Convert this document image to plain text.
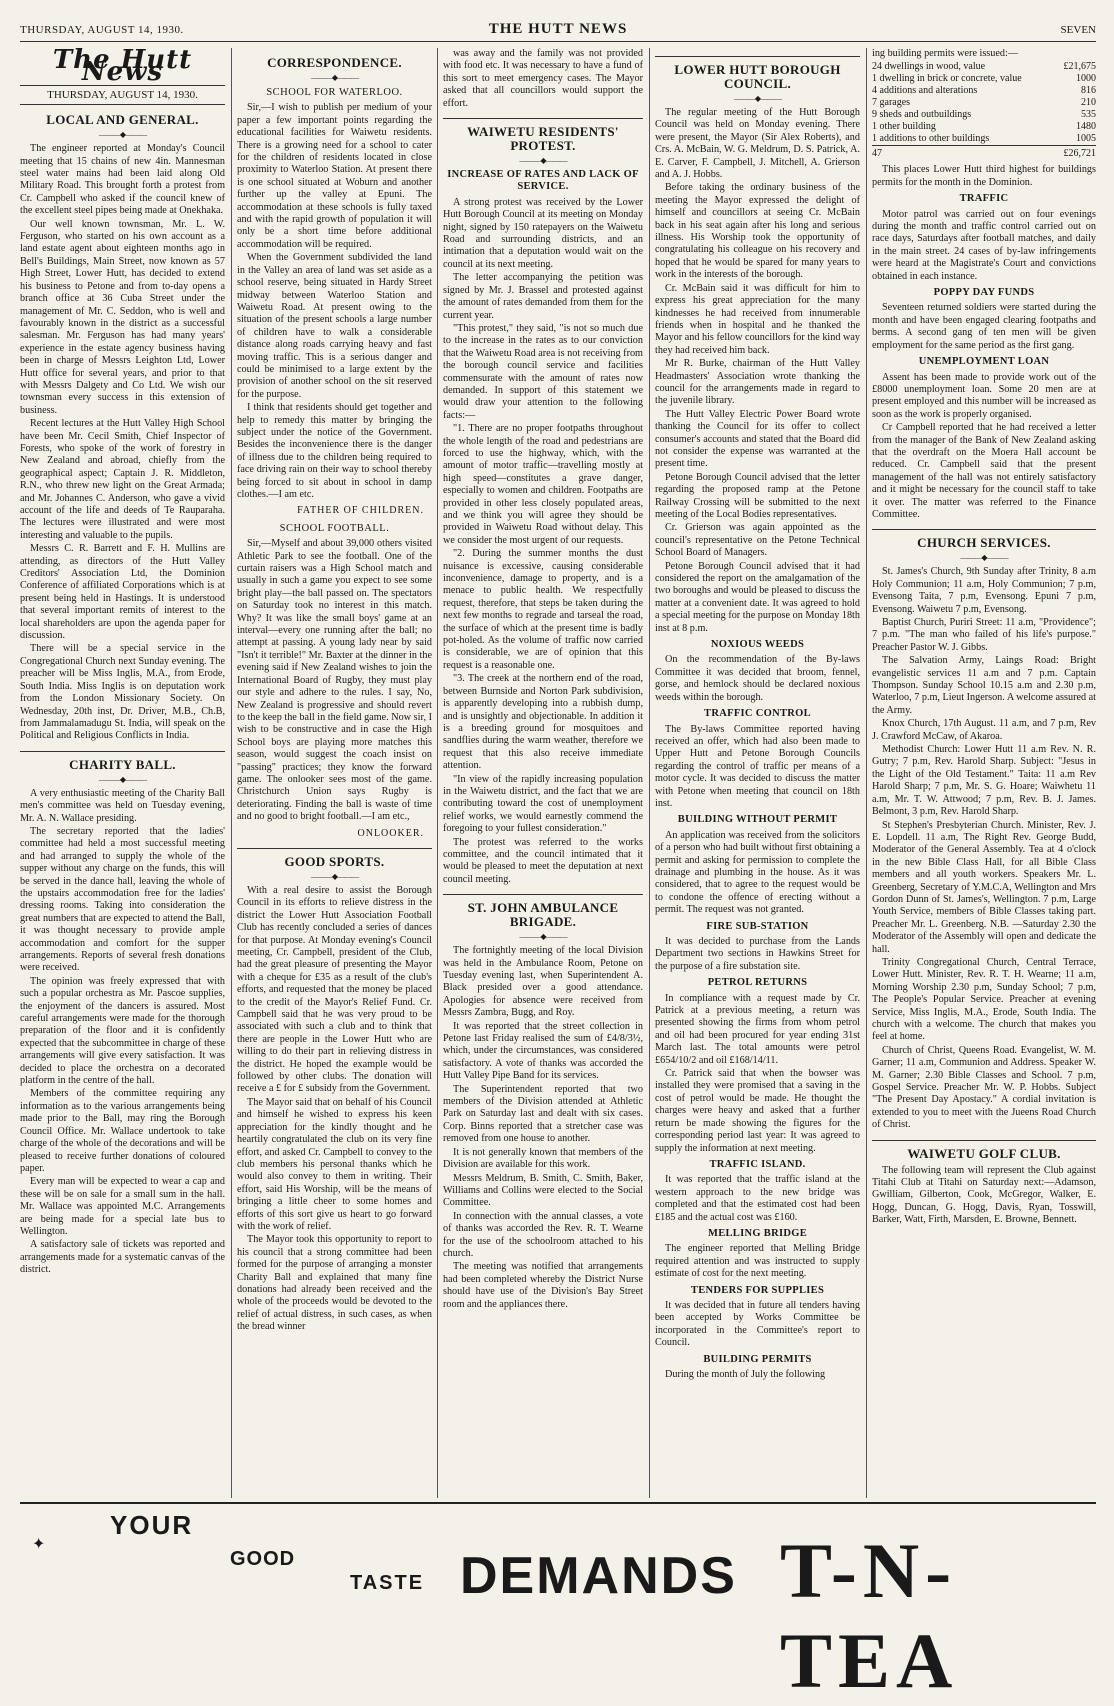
THURSDAY, AUGUST 14, 1930.	THE HUTT NEWS	SEVEN
The Hutt News
THURSDAY, AUGUST 14, 1930.
LOCAL AND GENERAL.
———◆———

The engineer reported at Monday's Council meeting that 15 chains of new 4in. Mannesman steel water mains had been laid along Old Military Road. This brought forth a protest from Cr. Campbell who asked if the council knew of the excellent steel pipes being made at Onekhaka.

Our well known townsman, Mr. L. W. Ferguson, who started on his own account as a land estate agent about eighteen months ago in Bell's Buildings, Main Street, now known as 57 High Street, Lower Hutt, has decided to extend his business to Petone and from to-day opens a branch office at 36 Cuba Street under the management of Mr. C. Seddon, who is well and favourably known in the district as a successful salesman. Mr. Ferguson has had many years' experience in the estate agency business having been in charge of Messrs Leighton Ltd, Lower Hutt office for several years, and prior to that with Messrs Dalgety and Co Ltd. We wish our townsman every success in this extension of business.

Recent lectures at the Hutt Valley High School have been Mr. Cecil Smith, Chief Inspector of Forests, who spoke of the work of forestry in New Zealand and abroad, chiefly from the geographical aspect; Captain J. R. Middleton, R.N., who threw new light on the Great Armada; and Mr. Johannes C. Anderson, who gave a vivid account of the life and deeds of Te Rauparaha. The lectures were illustrated and were most interesting and valuable to the pupils.

Messrs C. R. Barrett and F. H. Mullins are attending, as directors of the Hutt Valley Creditors' Association Ltd, the Dominion Conference of affiliated Corporations which is at present being held in Hastings. It is understood that several important remits of interest to the local shareholders are upon the agenda paper for discussion.

There will be a special service in the Congregational Church next Sunday evening. The preacher will be Miss Inglis, M.A., from Erode, South India. Miss Inglis is on deputation work from the London Missionary Society. On Wednesday, 20th inst, Dr. Driver, M.B., Ch.B, from Jammalamadugu St. India, will speak on the Political and Religious Conflicts in India.

CHARITY BALL.
———◆———

A very enthusiastic meeting of the Charity Ball men's committee was held on Tuesday evening, Mr. A. N. Wallace presiding.

The secretary reported that the ladies' committee had held a most successful meeting and had arranged to supply the whole of the supper without any charge on the funds, this will be served in the dance hall, leaving the whole of the upstairs accommodation free for the ladies' dressing rooms. Taking into consideration the great numbers that are expected to attend the Ball, it was thought necessary to provide ample accommodation and comfort for the supper arrangements. Reports of several fresh donations were received.

The opinion was freely expressed that with such a popular orchestra as Mr. Pascoe supplies, the enjoyment of the dancers is assured. Most careful arrangements were made for the thorough preparation of the floor and it is confidently expected that the subcommittee in charge of these arrangements will give every satisfaction. It was decided to place the orchestra on a decorated platform in the centre of the hall.

Members of the committee requiring any information as to the various arrangements being made prior to the Ball, may ring the Borough Council Office. Mr. Wallace undertook to take charge of the whole of the decorations and will be pleased to receive further donations of coloured paper.

Every man will be expected to wear a cap and these will be on sale for a small sum in the hall. Mr. Wallace was appointed M.C. Arrangements are being made for a special late bus to Wellington.

A satisfactory sale of tickets was reported and arrangements made for a systematic canvas of the district.

CORRESPONDENCE.
———◆———
SCHOOL FOR WATERLOO.

Sir,—I wish to publish per medium of your paper a few important points regarding the educational facilities for Waiwetu residents. There is a growing need for a school to cater for the children of residents located in close proximity to Waterloo Station. At present there is one school situated at Woburn and another further up the valley at Epuni. The accommodation at these schools is fully taxed and with the rapid growth of population it will only be a short time before additional accommodation will be required.

When the Government subdivided the land in the Valley an area of land was set aside as a school reserve, being situated in Hardy Street midway between Waterloo Station and Waiwetu Road. At present owing to the situation of the present schools a large number of children have to walk a considerable distance along roads carrying heavy and fast moving traffic. This is a serious danger and could be minimised to a large extent by the provision of another school on the sit reserved for the purpose.

I think that residents should get together and help to remedy this matter by bringing the subject under the notice of the Government. Besides the inconvenience there is the danger of illness due to the children being required to face driving rain on their way to school thereby being forced to sit about in school in damp clothes.—I am etc.

FATHER OF CHILDREN.
SCHOOL FOOTBALL.

Sir,—Myself and about 39,000 others visited Athletic Park to see the football. One of the curtain raisers was a High School match and usually in such a game you expect to see some bright play—the ball passed on. The spectators on Saturday took no interest in this match. Why? It was like the small boys' game at an interval—every one running after the ball; no attempt at passing. A young lady near by said "Isn't it terrible!" Mr. Baxter at the dinner in the evening said if New Zealand wishes to join the International Board of Rugby, they must play our style and adhere to the rules. I say, No, New Zealand is progressive and should revert to the keep the ball in the field game. Now sir, I wish to be constructive and in case the High School boys are playing more matches this season, would suggest the coach insist on "passing" practices; they know the forward game. The onlooker sees most of the game. Christchurch Union says Rugby is deteriorating. Finding the ball is waste of time and no good to bright football.—I am etc.,

ONLOOKER.
GOOD SPORTS.
———◆———

With a real desire to assist the Borough Council in its efforts to relieve distress in the district the Lower Hutt Association Football Club has recently concluded a series of dances for that purpose. At Monday evening's Council meeting, Cr. Campbell, president of the Club, had the great pleasure of presenting the Mayor with a cheque for £35 as a result of the club's efforts, and requested that the money be placed to the credit of the Mayor's Relief Fund. Cr. Campbell said that he was very proud to be associated with such a club and to think that there are people in the Lower Hutt who are willing to do their part in relieving distress in the district. He hoped the example would be followed by other clubs. The donation will receive a £ for £ subsidy from the Government.

The Mayor said that on behalf of his Council and himself he wished to express his keen appreciation for the kindly thought and he heartily congratulated the club on its very fine effort, and asked Cr. Campbell to convey to the club members his personal thanks which he would also convey to them in writing. Their effort, said His Worship, will be the means of bringing a little cheer to some homes and efforts of this sort give us heart to go forward with the work of relief.

The Mayor took this opportunity to report to his council that a strong committee had been formed for the purpose of arranging a monster Charity Ball and explained that many fine donations had already been received and the whole of the proceeds would be devoted to the relief of actual distress, in such cases, as when the bread winner

was away and the family was not provided with food etc. It was necessary to have a fund of this sort to meet emergency cases. The Mayor asked that all councillors would support the effort.

WAIWETU RESIDENTS' PROTEST.
———◆———
INCREASE OF RATES AND LACK OF SERVICE.

A strong protest was received by the Lower Hutt Borough Council at its meeting on Monday night, signed by 150 ratepayers on the Waiwetu Road and surrounding districts, and an intimation that a deputation would wait on the council at its next meeting.

The letter accompanying the petition was signed by Mr. J. Brassel and protested against the amount of rates demanded from them for the current year.

"This protest," they said, "is not so much due to the increase in the rates as to our conviction that the Waiwetu Road area is not receiving from the borough council service and facilities commensurate with the amount of rates now demanded. In support of this statement we would draw your attention to the following facts:—

"1. There are no proper footpaths throughout the whole length of the road and pedestrians are forced to use the highway, which, with the amount of motor traffic—travelling mostly at high speed—constitutes a grave danger, especially to women and children. Footpaths are provided in other less closely populated areas, and we think you will agree they should be provided in Waiwetu Road without delay. This we consider the most urgent of our requests.

"2. During the summer months the dust nuisance is excessive, causing considerable inconvenience, damage to property, and is a menace to public health. We respectfully request, therefore, that steps be taken during the next few months to regrade and tarseal the road, the surface of which at the present time is badly pot-holed. As the volume of traffic now carried is considerable, we are of opinion that this request is a reasonable one.

"3. The creek at the northern end of the road, between Burnside and Norton Park subdivision, is apparently developing into a rubbish dump, and is unsightly and objectionable. In addition it is a breeding ground for mosquitoes and sandflies during the warm weather, therefore we request that this also receive immediate attention.

"In view of the rapidly increasing population in the Waiwetu district, and the fact that we are contributing toward the cost of unemployment relief works, we would earnestly commend the foregoing to your fullest consideration."

The protest was referred to the works committee, and the council intimated that it would be pleased to meet the deputation at next council meeting.

ST. JOHN AMBULANCE BRIGADE.
———◆———

The fortnightly meeting of the local Division was held in the Ambulance Room, Petone on Tuesday evening last, when Superintendent A. Black presided over a good attendance. Apologies for absence were received from Messrs Zambra, Bugg, and Roy.

It was reported that the street collection in Petone last Friday realised the sum of £4/8/3½, which, under the circumstances, was considered satisfactory. A vote of thanks was accorded the Hutt Valley Pipe Band for its services.

The Superintendent reported that two members of the Division attended at Athletic Park on Saturday last and dealt with six cases. Corp. Binns reported that a stretcher case was removed from one house to another.

It is not generally known that members of the Division are available for this work.

Messrs Meldrum, B. Smith, C. Smith, Baker, Williams and Collins were elected to the Social Committee.

In connection with the annual classes, a vote of thanks was accorded the Rev. R. T. Wearne for the use of the schoolroom attached to his church.

The meeting was notified that arrangements had been completed whereby the District Nurse should have use of the Division's Bay Street room and the appliances there.

LOWER HUTT BOROUGH COUNCIL.
———◆———

The regular meeting of the Hutt Borough Council was held on Monday evening. There were present, the Mayor (Sir Alex Roberts), and Crs. A. McBain, W. G. Meldrum, D. S. Patrick, A. E. Carver, F. Campbell, J. Mitchell, A. Grierson and A. J. Hobbs.

Before taking the ordinary business of the meeting the Mayor expressed the delight of himself and councillors at seeing Cr. McBain back in his seat again after his long and serious illness. His Worship took the opportunity of congratulating his colleague on his recovery and hoped that he would be spared for many years to work in the interests of the borough.

Cr. McBain said it was difficult for him to express his great appreciation for the many kindnesses he had received from innumerable friends when in hospital and he thanked the Mayor and his fellow councillors for the kind way they had received him back.

Mr R. Burke, chairman of the Hutt Valley Headmasters' Association wrote thanking the council for the arrangements made in regard to the juvenile library.

The Hutt Valley Electric Power Board wrote thanking the Council for its offer to collect consumer's accounts and stated that the Board did not consider the expense was warranted at the present time.

Petone Borough Council advised that the letter regarding the proposed ramp at the Petone Railway Crossing will be submitted to the next meeting of the Local Bodies representatives.

Cr. Grierson was again appointed as the council's representative on the Petone Technical School Board of Managers.

Petone Borough Council advised that it had considered the report on the amalgamation of the two boroughs and would be pleased to discuss the matter at a convenient date. It was agreed to hold a special meeting for the purpose on Monday 18th inst at 8 p.m.

NOXIOUS WEEDS

On the recommendation of the By-laws Committee it was decided that broom, fennel, gorse, and hemlock should be declared noxious weeds within the borough.

TRAFFIC CONTROL

The By-laws Committee reported having received an offer, which had also been made to Upper Hutt and Petone Borough Councils regarding the control of traffic per means of a motor cycle. It was decided to discuss the matter with Petone when meeting that council on 18th inst.

BUILDING WITHOUT PERMIT

An application was received from the solicitors of a person who had built without first obtaining a permit and asking for permission to complete the drainage and plumbing in the house. As it was considered, that to agree to the request would be to condone the offence of erecting without a permit. The request was not granted.

FIRE SUB-STATION

It was decided to purchase from the Lands Department two sections in Hawkins Street for the purpose of a fire substation site.

PETROL RETURNS

In compliance with a request made by Cr. Patrick at a previous meeting, a return was presented showing the firms from whom petrol and oil had been procured for year ending 31st March last. The total amounts were petrol £654/10/2 and oil £168/14/11.

Cr. Patrick said that when the bowser was installed they were promised that a saving in the cost of petrol would be made. He thought the charges were heavy and asked that a further return be made showing the figures for the corresponding period last year: It was agreed to supply the information at next meeting.

TRAFFIC ISLAND.

It was reported that the traffic island at the western approach to the new bridge was completed and that the estimated cost had been £185 and the actual cost was £160.

MELLING BRIDGE

The engineer reported that Melling Bridge required attention and was instructed to supply estimate of cost for the next meeting.

TENDERS FOR SUPPLIES

It was decided that in future all tenders having been accepted by Works Committee be incorporated in the Committee's report to Council.

BUILDING PERMITS

During the month of July the following

ing building permits were issued:—

24 dwellings in wood, value	£21,675
1 dwelling in brick or concrete, value	1000
4 additions and alterations	816
7 garages	210
9 sheds and outbuildings	535
1 other building	1480
1 additions to other buildings	1005
47	£26,721

This places Lower Hutt third highest for buildings permits for the month in the Dominion.

TRAFFIC

Motor patrol was carried out on four evenings during the month and traffic control carried out on race days, Saturdays after football matches, and daily in the main street. 24 cases of by-law infringements were heard at the Magistrate's Court and convictions obtained in each instance.

POPPY DAY FUNDS

Seventeen returned soldiers were started during the month and have been engaged clearing footpaths and berms. A second gang of ten men will be given employment for the same period as the first gang.

UNEMPLOYMENT LOAN

Assent has been made to provide work out of the £8000 unemployment loan. Some 20 men are at present employed and this number will be increased as soon as the work is properly organised.

Cr Campbell reported that he had received a letter from the manager of the Bank of New Zealand asking that the overdraft on the Moera Hall account be reduced. Cr. Campbell said that the present management of the hall was not entirely satisfactory and it might be necessary for the council staff to take it over. The matter was referred to the Finance Committee.

CHURCH SERVICES.
———◆———

St. James's Church, 9th Sunday after Trinity, 8 a.m Holy Communion; 11 a.m, Holy Communion; 7 p.m, Evensong Taita, 7 p.m, Evensong. Epuni 7 p.m, Evensong. Waiwetu 7 p.m, Evensong.

Baptist Church, Puriri Street: 11 a.m, "Providence"; 7 p.m. "The man who failed of his life's purpose." Preacher Pastor W. J. Gibbs.

The Salvation Army, Laings Road: Bright evangelistic services 11 a.m and 7 p.m. Captain Thompson. Sunday School 10.15 a.m and 2.30 p.m, Waterloo, 7 p.m, Lieut Ingerson. A welcome assured at the Army.

Knox Church, 17th August. 11 a.m, and 7 p.m, Rev J. Crawford McCaw, of Akaroa.

Methodist Church: Lower Hutt 11 a.m Rev. N. R. Gutry; 7 p.m, Rev. Harold Sharp. Subject: "Jesus in the Light of the Old Testament." Taita: 11 a.m Rev Harold Sharp; 7 p.m, Mr. S. G. Hoare; Waiwhetu 11 a.m, Mr. T. W. Attwood; 7 p.m, Rev. B. J. James. Belmont, 3 p.m, Rev. Harold Sharp.

St Stephen's Presbyterian Church. Minister, Rev. J. E. Lopdell. 11 a.m, The Right Rev. George Budd, Moderator of the General Assembly. Tea at 4 o'clock in the new Bible Class Hall, for all Bible Class members and all youth workers. Speakers Mr. L. Greenberg, Secretary of Y.M.C.A, Wellington and Mrs Gordon Dunn of St. James's, Wellington. 7 p.m, Large Youth Service, members of Bible Classes taking part. Preacher Mr. L. Greenberg. N.B. —Saturday 2.30 the Moderator of the Assembly will open and dedicate the hall.

Trinity Congregational Church, Central Terrace, Lower Hutt. Minister, Rev. R. T. H. Wearne; 11 a.m, Morning Worship 2.30 p.m, Sunday School; 7 p.m, The People's Popular Service. Preacher at evening Service, Miss Inglis, M.A., Erode, South India. The church with a welcome. The church that makes you feel at home.

Church of Christ, Queens Road. Evangelist, W. M. Garner; 11 a.m, Communion and Address. Speaker W. M. Garner; 2.30 Bible Classes and School. 7 p.m, Gospel Service. Preacher Mr. W. P. Hobbs. Subject "The Present Day Apostacy." A cordial invitation is extended to you to meet with the Jueens Road Church of Christ.

WAIWETU GOLF CLUB.

The following team will represent the Club against Titahi Club at Titahi on Saturday next:—Adamson, Gwilliam, Gilberton, Cook, McGregor, Walker, E. Hogg, Duncan, G. Hogg, Davis, Ryan, Tosswill, Barker, Watt, Firth, Marsden, E. Browne, Bennett.

✦
YOUR
GOOD
TASTE DEMANDS T-N-TEA
